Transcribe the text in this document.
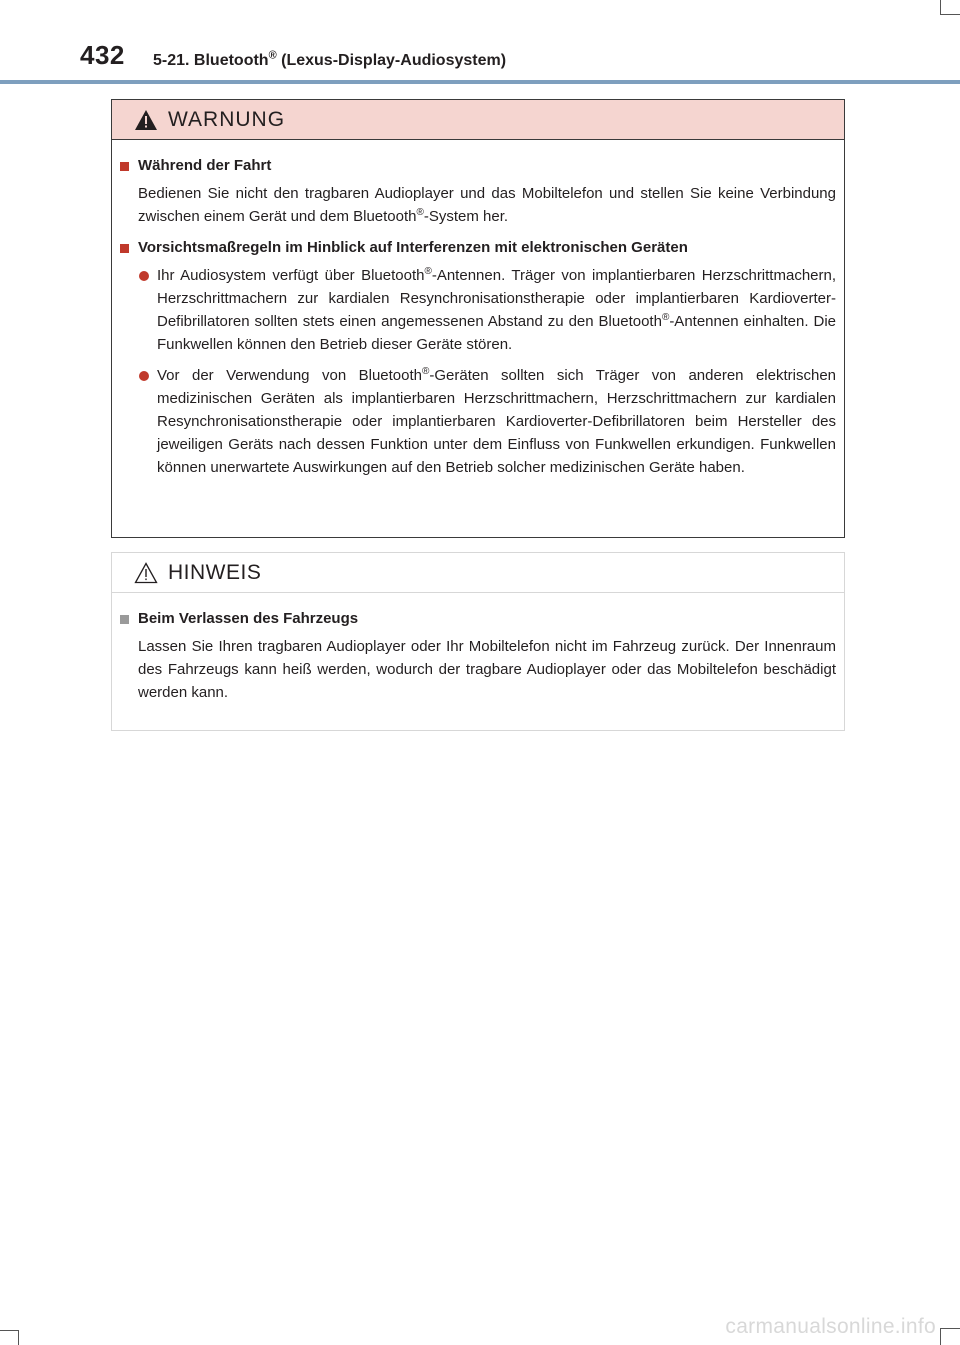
432 5-21. Bluetooth® (Lexus-Display-Audiosystem)
WARNUNG
Während der Fahrt
Bedienen Sie nicht den tragbaren Audioplayer und das Mobiltelefon und stellen Sie keine Verbindung zwischen einem Gerät und dem Bluetooth®-System her.
Vorsichtsmaßregeln im Hinblick auf Interferenzen mit elektronischen Geräten
Ihr Audiosystem verfügt über Bluetooth®-Antennen. Träger von implantierbaren Herzschrittmachern, Herzschrittmachern zur kardialen Resynchronisationstherapie oder implantierbaren Kardioverter-Defibrillatoren sollten stets einen angemessenen Abstand zu den Bluetooth®-Antennen einhalten. Die Funkwellen können den Betrieb dieser Geräte stören.
Vor der Verwendung von Bluetooth®-Geräten sollten sich Träger von anderen elektrischen medizinischen Geräten als implantierbaren Herzschrittmachern, Herzschrittmachern zur kardialen Resynchronisationstherapie oder implantierbaren Kardioverter-Defibrillatoren beim Hersteller des jeweiligen Geräts nach dessen Funktion unter dem Einfluss von Funkwellen erkundigen. Funkwellen können unerwartete Auswirkungen auf den Betrieb solcher medizinischen Geräte haben.
HINWEIS
Beim Verlassen des Fahrzeugs
Lassen Sie Ihren tragbaren Audioplayer oder Ihr Mobiltelefon nicht im Fahrzeug zurück. Der Innenraum des Fahrzeugs kann heiß werden, wodurch der tragbare Audioplayer oder das Mobiltelefon beschädigt werden kann.
carmanualsonline.info
